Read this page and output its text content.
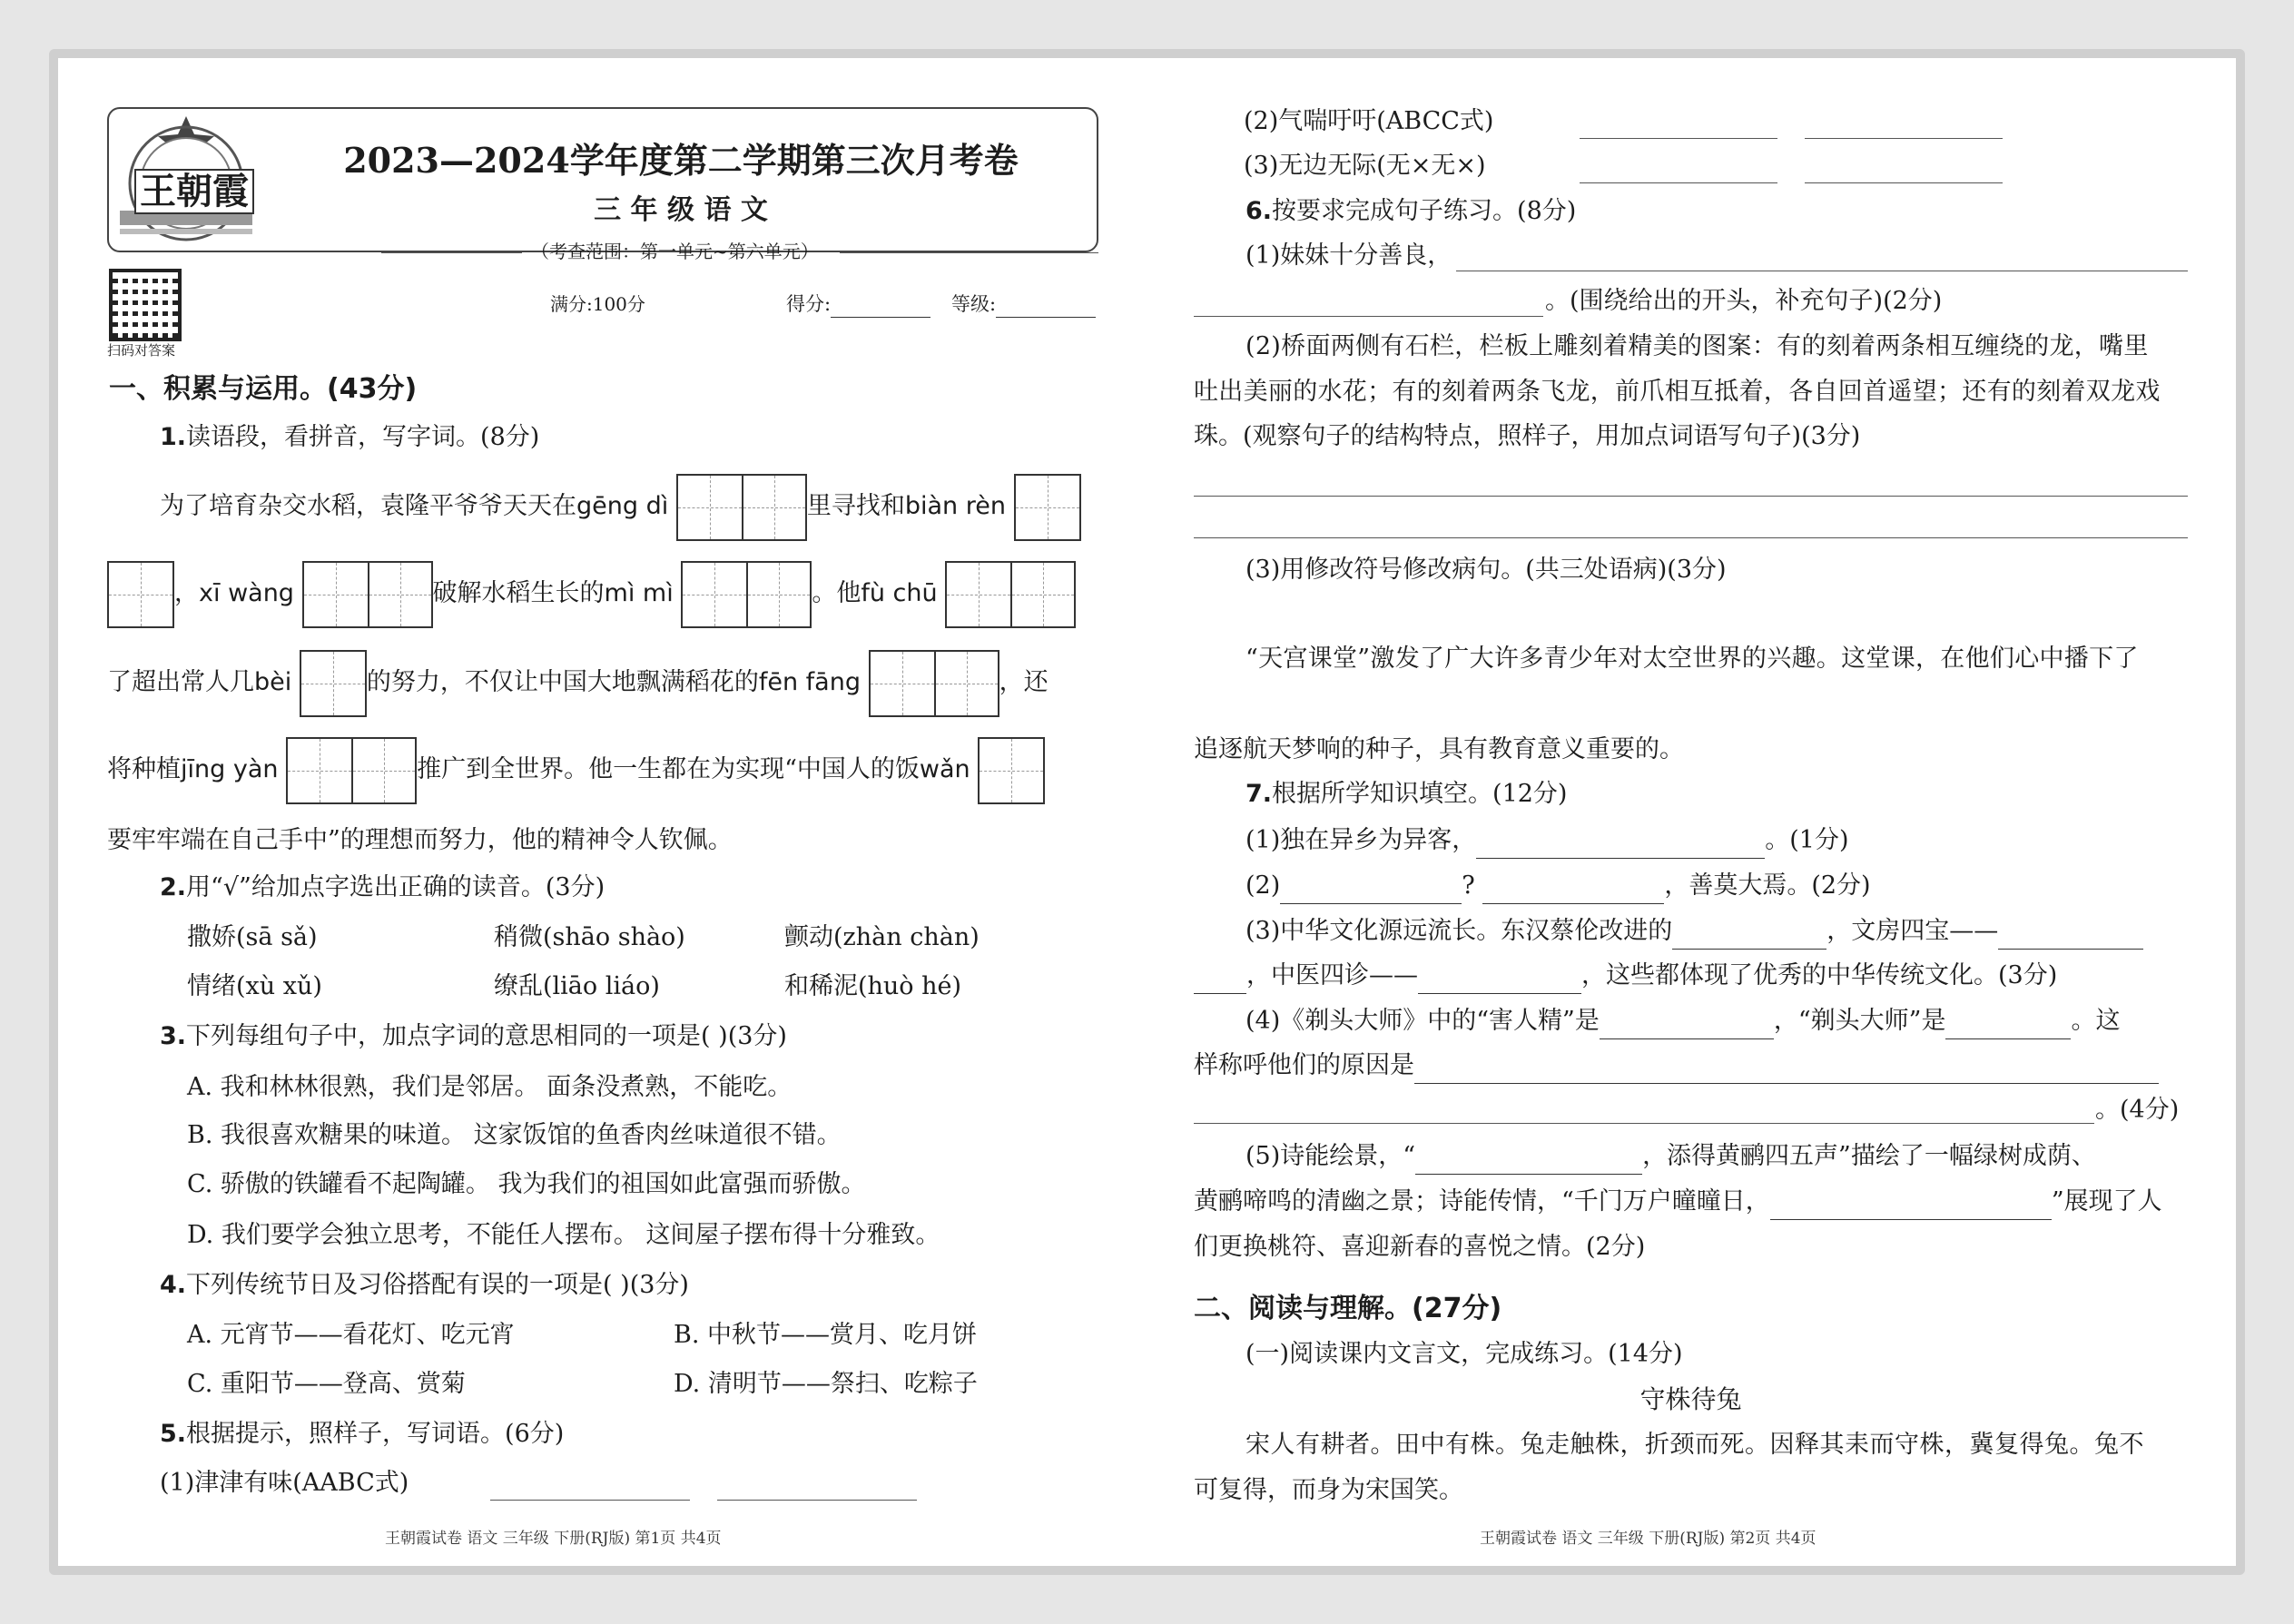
王朝霞
2023—2024学年度第二学期第三次月考卷
三 年 级 语 文
（考查范围：第一单元~第六单元）
扫码对答案
满分:100分	得分:	等级:
一、积累与运用。(43分)
1.读语段，看拼音，写字词。(8分)
为了培育杂交水稻，袁隆平爷爷天天在gēng dì	里寻找和biàn rèn
，xī wàng	破解水稻生长的mì mì	。他fù chū
了超出常人几bèi	的努力，不仅让中国大地飘满稻花的fēn fāng	，还
将种植jīng yàn	推广到全世界。他一生都在为实现“中国人的饭wǎn
要牢牢端在自己手中”的理想而努力，他的精神令人钦佩。
2.用“√”给加点字选出正确的读音。(3分)
撒娇(sā sǎ)	稍微(shāo shào)	颤动(zhàn chàn)
情绪(xù xǔ)	缭乱(liāo liáo)	和稀泥(huò hé)
3.下列每组句子中，加点字词的意思相同的一项是( )(3分)
A. 我和林林很熟，我们是邻居。 面条没煮熟，不能吃。
B. 我很喜欢糖果的味道。 这家饭馆的鱼香肉丝味道很不错。
C. 骄傲的铁罐看不起陶罐。 我为我们的祖国如此富强而骄傲。
D. 我们要学会独立思考，不能任人摆布。 这间屋子摆布得十分雅致。
4.下列传统节日及习俗搭配有误的一项是( )(3分)
A. 元宵节——看花灯、吃元宵	B. 中秋节——赏月、吃月饼
C. 重阳节——登高、赏菊	D. 清明节——祭扫、吃粽子
5.根据提示，照样子，写词语。(6分)
(1)津津有味(AABC式)
王朝霞试卷 语文 三年级 下册(RJ版) 第1页 共4页
(2)气喘吁吁(ABCC式)
(3)无边无际(无×无×)
6.按要求完成句子练习。(8分)
(1)妹妹十分善良，
。(围绕给出的开头，补充句子)(2分)
(2)桥面两侧有石栏，栏板上雕刻着精美的图案：有的刻着两条相互缠绕的龙，嘴里
吐出美丽的水花；有的刻着两条飞龙，前爪相互抵着，各自回首遥望；还有的刻着双龙戏
珠。(观察句子的结构特点，照样子，用加点词语写句子)(3分)
(3)用修改符号修改病句。(共三处语病)(3分)
“天宫课堂”激发了广大许多青少年对太空世界的兴趣。这堂课，在他们心中播下了
追逐航天梦响的种子，具有教育意义重要的。
7.根据所学知识填空。(12分)
(1)独在异乡为异客，	。(1分)
(2)	?	，善莫大焉。(2分)
(3)中华文化源远流长。东汉蔡伦改进的	，文房四宝——
，中医四诊——	，这些都体现了优秀的中华传统文化。(3分)
(4)《剃头大师》中的“害人精”是	，“剃头大师”是	。这
样称呼他们的原因是
。(4分)
(5)诗能绘景，“	，添得黄鹂四五声”描绘了一幅绿树成荫、
黄鹂啼鸣的清幽之景；诗能传情，“千门万户曈曈日，	”展现了人
们更换桃符、喜迎新春的喜悦之情。(2分)
二、阅读与理解。(27分)
(一)阅读课内文言文，完成练习。(14分)
守株待兔
宋人有耕者。田中有株。兔走触株，折颈而死。因释其耒而守株，冀复得兔。兔不
可复得，而身为宋国笑。
王朝霞试卷 语文 三年级 下册(RJ版) 第2页 共4页
